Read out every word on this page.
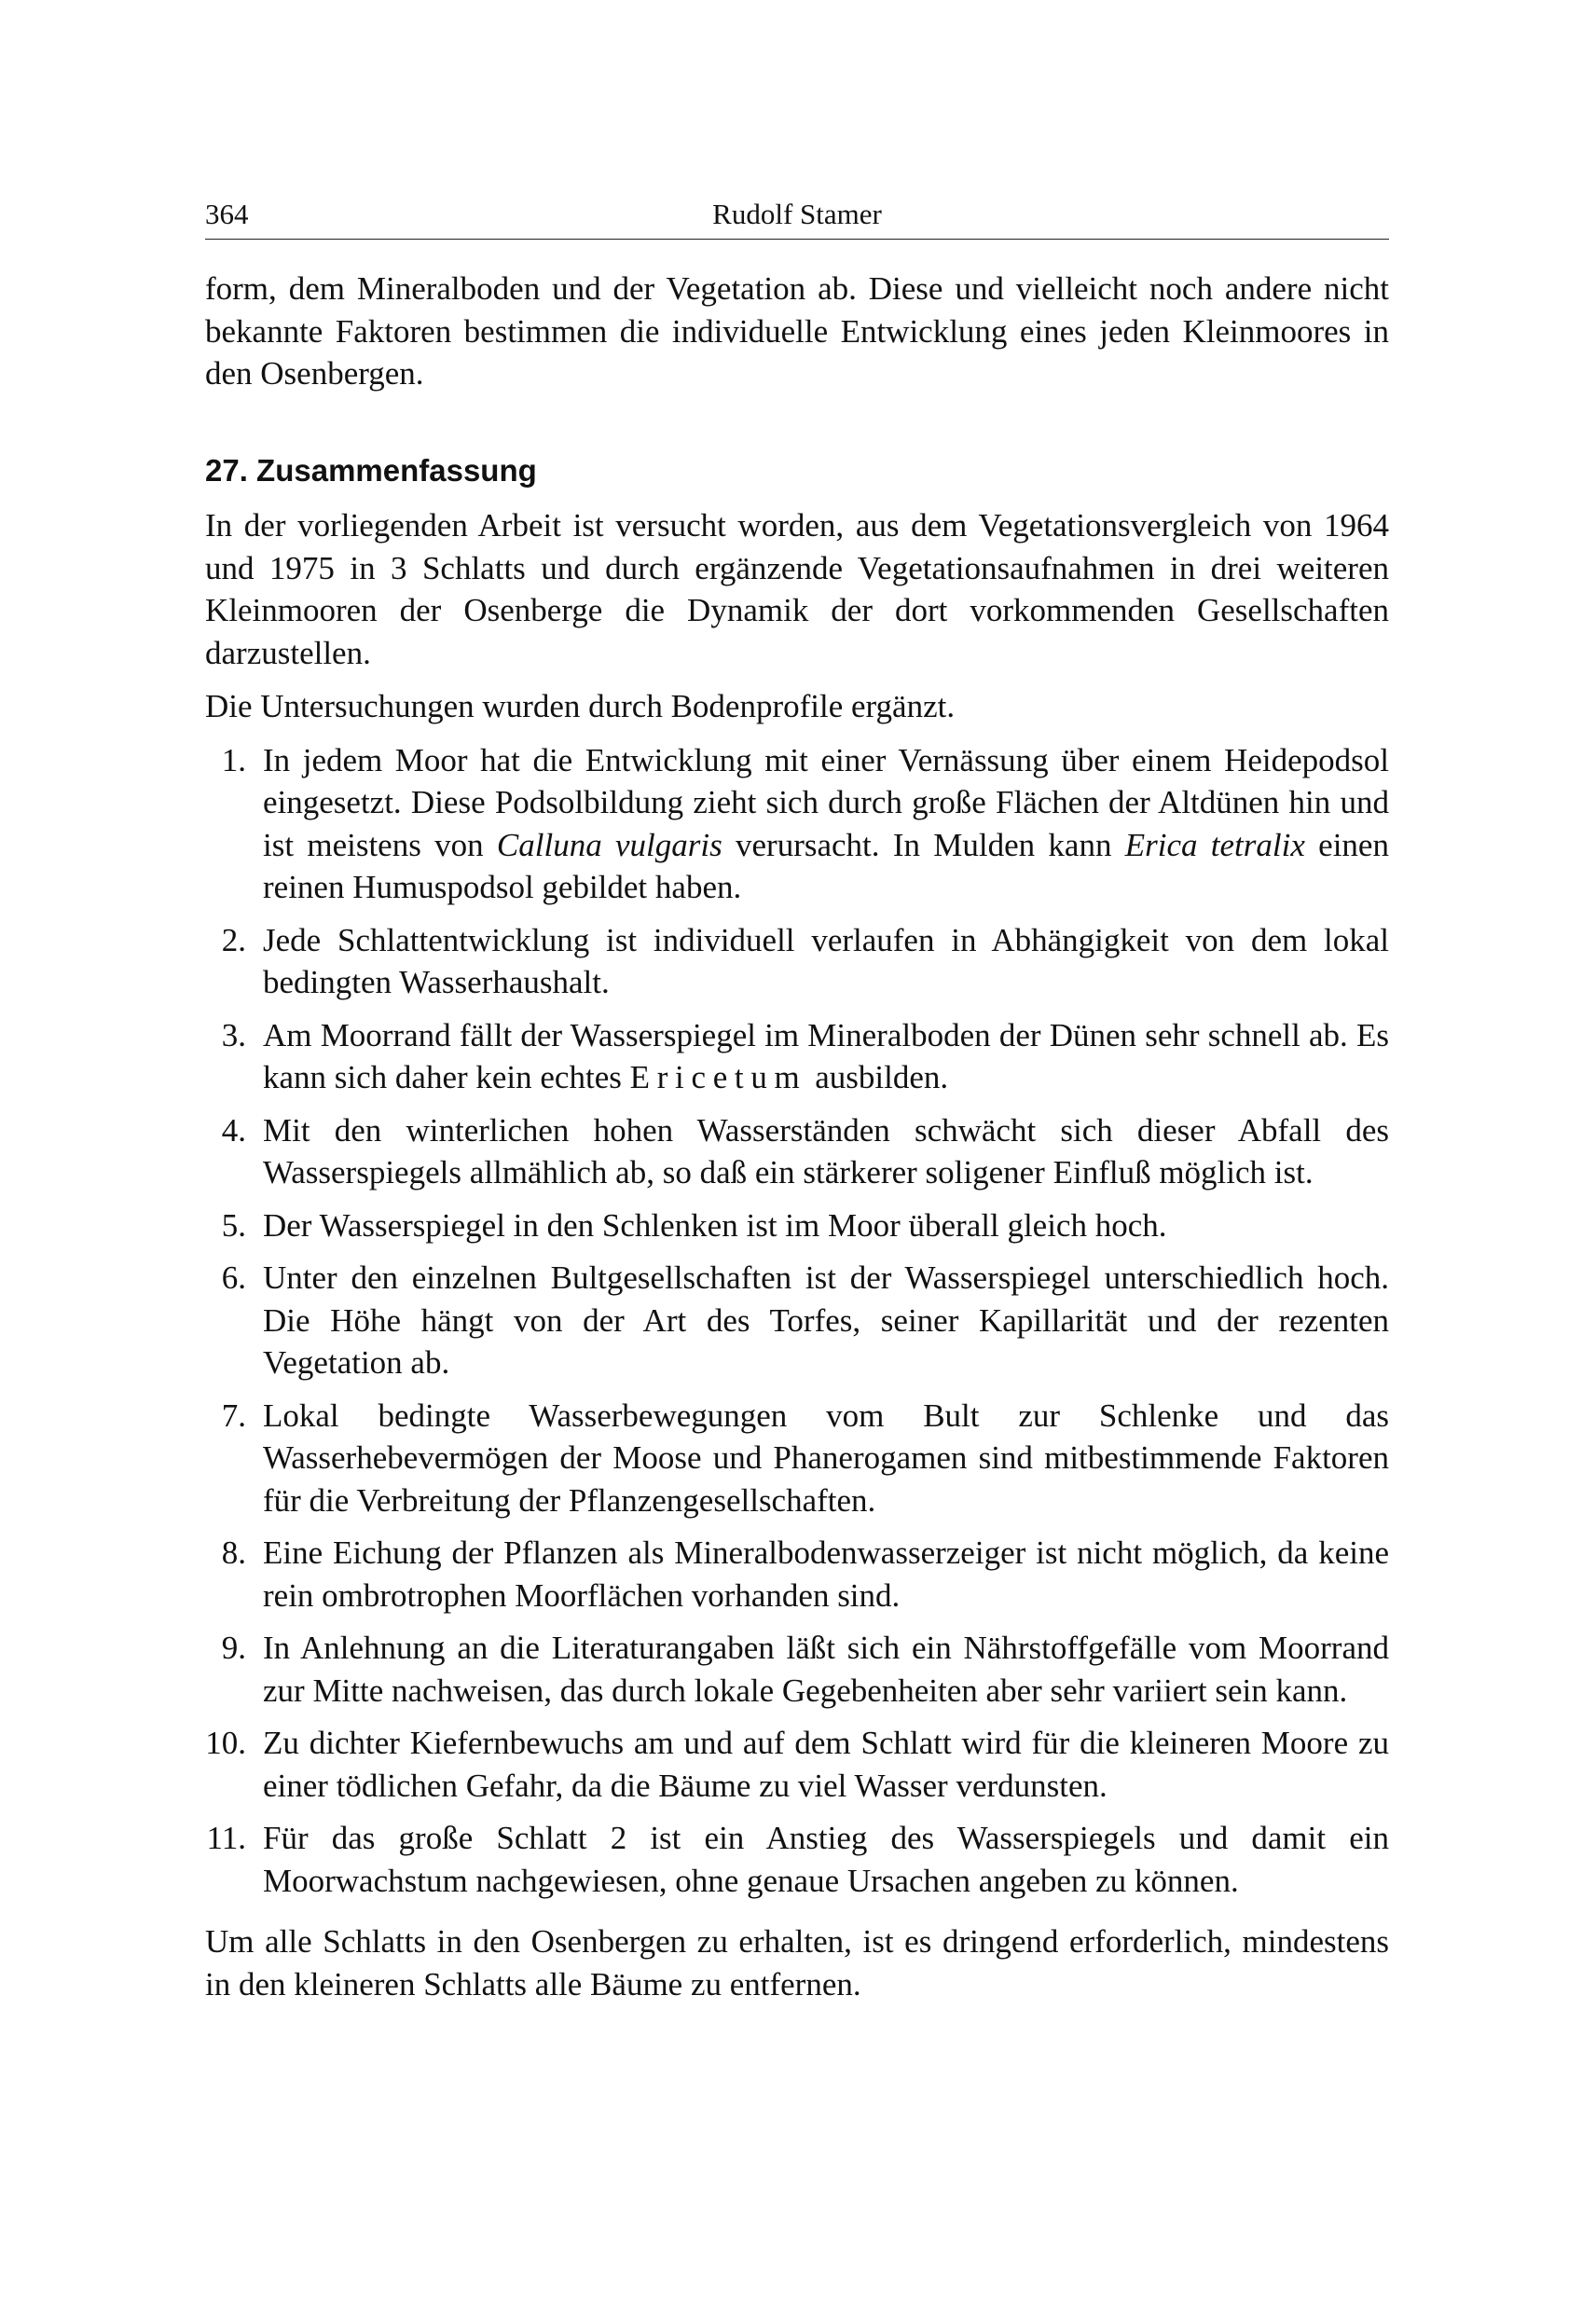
364	Rudolf Stamer

form, dem Mineralboden und der Vegetation ab. Diese und vielleicht noch andere nicht bekannte Faktoren bestimmen die individuelle Entwicklung eines jeden Kleinmoores in den Osenbergen.

27. Zusammenfassung

In der vorliegenden Arbeit ist versucht worden, aus dem Vegetationsvergleich von 1964 und 1975 in 3 Schlatts und durch ergänzende Vegetationsaufnahmen in drei weiteren Kleinmooren der Osenberge die Dynamik der dort vorkommenden Gesellschaften darzustellen.

Die Untersuchungen wurden durch Bodenprofile ergänzt.

1. In jedem Moor hat die Entwicklung mit einer Vernässung über einem Heidepodsol eingesetzt. Diese Podsolbildung zieht sich durch große Flächen der Altdünen hin und ist meistens von Calluna vulgaris verursacht. In Mulden kann Erica tetralix einen reinen Humuspodsol gebildet haben.
2. Jede Schlattentwicklung ist individuell verlaufen in Abhängigkeit von dem lokal bedingten Wasserhaushalt.
3. Am Moorrand fällt der Wasserspiegel im Mineralboden der Dünen sehr schnell ab. Es kann sich daher kein echtes Ericetum ausbilden.
4. Mit den winterlichen hohen Wasserständen schwächt sich dieser Abfall des Wasserspiegels allmählich ab, so daß ein stärkerer soligener Einfluß möglich ist.
5. Der Wasserspiegel in den Schlenken ist im Moor überall gleich hoch.
6. Unter den einzelnen Bultgesellschaften ist der Wasserspiegel unterschiedlich hoch. Die Höhe hängt von der Art des Torfes, seiner Kapillarität und der rezenten Vegetation ab.
7. Lokal bedingte Wasserbewegungen vom Bult zur Schlenke und das Wasserhebevermögen der Moose und Phanerogamen sind mitbestimmende Faktoren für die Verbreitung der Pflanzengesellschaften.
8. Eine Eichung der Pflanzen als Mineralbodenwasserzeiger ist nicht möglich, da keine rein ombrotrophen Moorflächen vorhanden sind.
9. In Anlehnung an die Literaturangaben läßt sich ein Nährstoffgefälle vom Moorrand zur Mitte nachweisen, das durch lokale Gegebenheiten aber sehr variiert sein kann.
10. Zu dichter Kiefernbewuchs am und auf dem Schlatt wird für die kleineren Moore zu einer tödlichen Gefahr, da die Bäume zu viel Wasser verdunsten.
11. Für das große Schlatt 2 ist ein Anstieg des Wasserspiegels und damit ein Moorwachstum nachgewiesen, ohne genaue Ursachen angeben zu können.

Um alle Schlatts in den Osenbergen zu erhalten, ist es dringend erforderlich, mindestens in den kleineren Schlatts alle Bäume zu entfernen.
